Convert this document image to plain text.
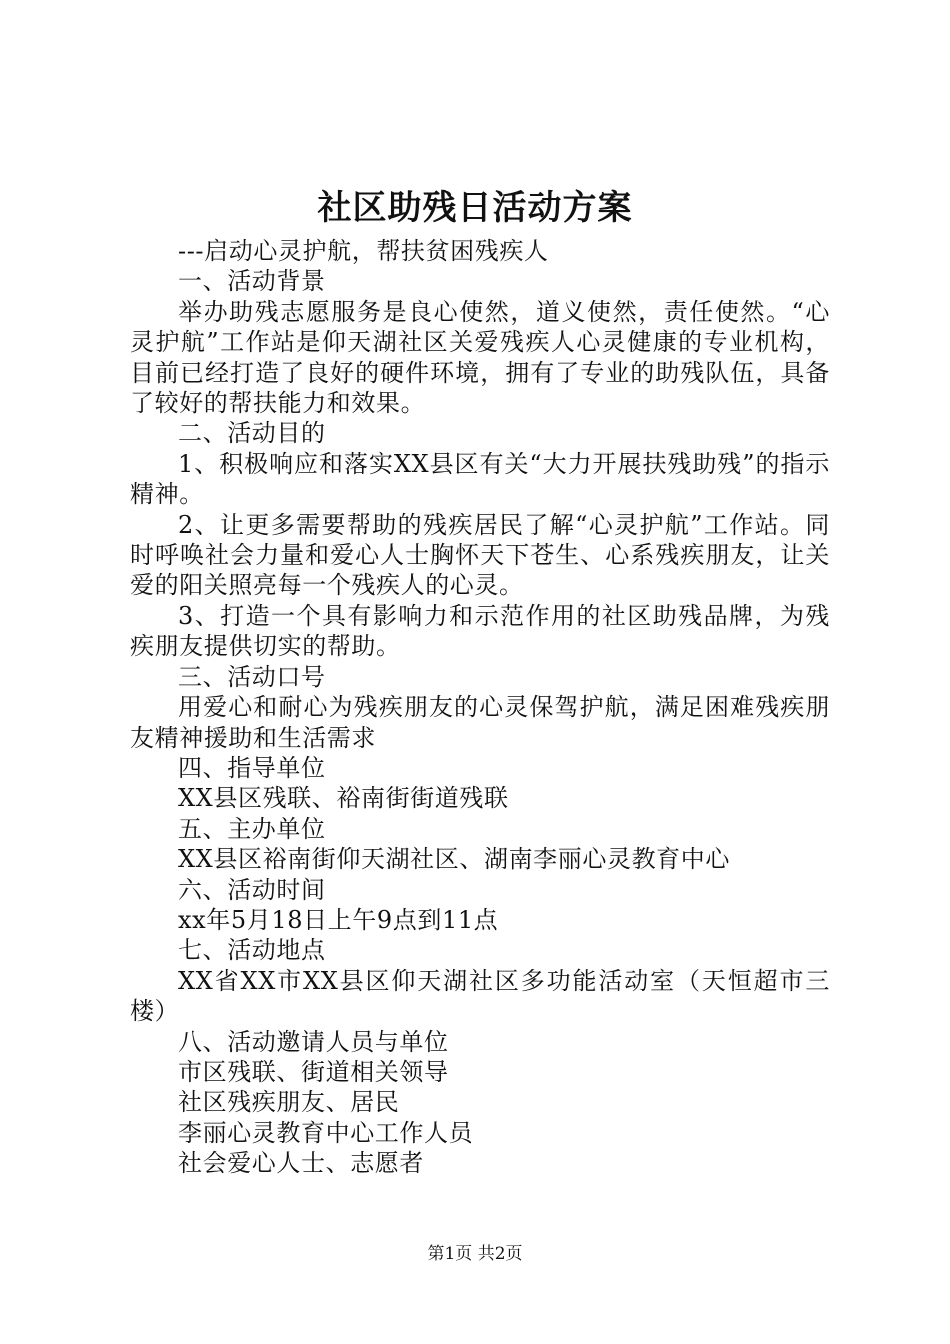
社区助残日活动方案

---启动心灵护航，帮扶贫困残疾人

一、活动背景

举办助残志愿服务是良心使然，道义使然，责任使然。“心灵护航”工作站是仰天湖社区关爱残疾人心灵健康的专业机构，目前已经打造了良好的硬件环境，拥有了专业的助残队伍，具备了较好的帮扶能力和效果。

二、活动目的

1、积极响应和落实XX县区有关“大力开展扶残助残”的指示精神。

2、让更多需要帮助的残疾居民了解“心灵护航”工作站。同时呼唤社会力量和爱心人士胸怀天下苍生、心系残疾朋友，让关爱的阳关照亮每一个残疾人的心灵。

3、打造一个具有影响力和示范作用的社区助残品牌，为残疾朋友提供切实的帮助。

三、活动口号

用爱心和耐心为残疾朋友的心灵保驾护航，满足困难残疾朋友精神援助和生活需求

四、指导单位

XX县区残联、裕南街街道残联

五、主办单位

XX县区裕南街仰天湖社区、湖南李丽心灵教育中心

六、活动时间

xx年5月18日上午9点到11点

七、活动地点

XX省XX市XX县区仰天湖社区多功能活动室（天恒超市三楼）

八、活动邀请人员与单位

市区残联、街道相关领导

社区残疾朋友、居民

李丽心灵教育中心工作人员

社会爱心人士、志愿者

第1页 共2页
